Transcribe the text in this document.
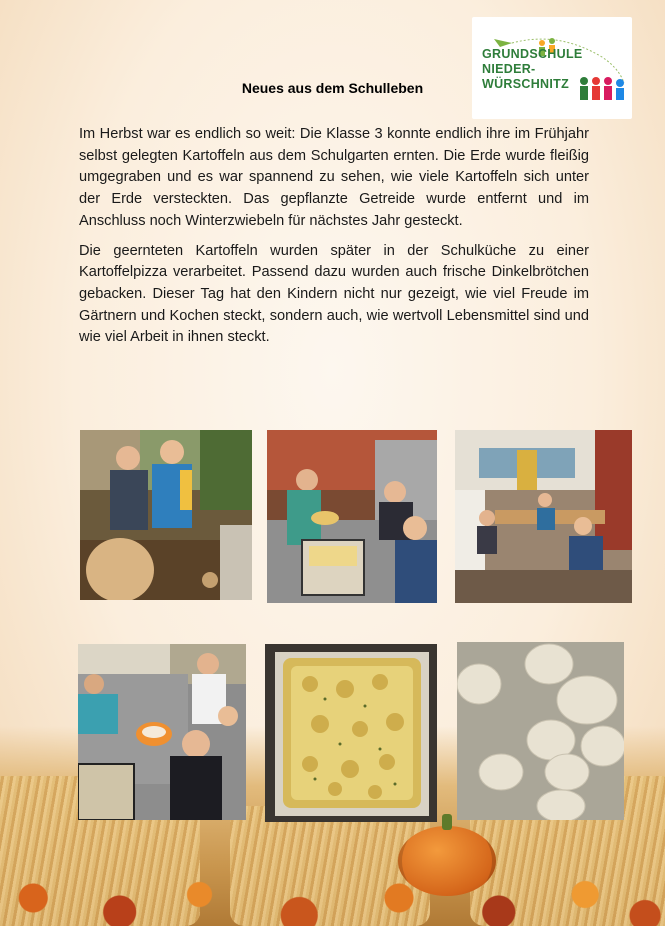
GRUNDSCHULE
NIEDER-
WÜRSCHNITZ
Neues aus dem Schulleben

Im Herbst war es endlich so weit: Die Klasse 3 konnte endlich ihre im Frühjahr selbst gelegten Kartoffeln aus dem Schulgarten ernten. Die Erde wurde fleißig umgegraben und es war spannend zu sehen, wie viele Kartoffeln sich unter der Erde versteckten. Das gepflanzte Getreide wurde entfernt und im Anschluss noch Winterzwiebeln für nächstes Jahr gesteckt.

Die geernteten Kartoffeln wurden später in der Schulküche zu einer Kartoffelpizza verarbeitet. Passend dazu wurden auch frische Dinkelbrötchen gebacken. Dieser Tag hat den Kindern nicht nur gezeigt, wie viel Freude im Gärtnern und Kochen steckt, sondern auch, wie wertvoll Lebensmittel sind und wie viel Arbeit in ihnen steckt.
